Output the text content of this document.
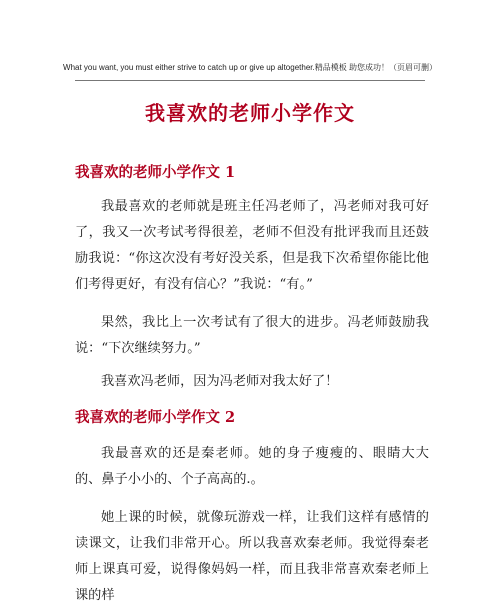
What you want, you must either strive to catch up or give up altogether.精品模板 助您成功！（页眉可删）
我喜欢的老师小学作文
我喜欢的老师小学作文 1
我最喜欢的老师就是班主任冯老师了，冯老师对我可好了，我又一次考试考得很差，老师不但没有批评我而且还鼓励我说：“你这次没有考好没关系，但是我下次希望你能比他们考得更好，有没有信心？”我说：“有。”
果然，我比上一次考试有了很大的进步。冯老师鼓励我说：“下次继续努力。”
我喜欢冯老师，因为冯老师对我太好了！
我喜欢的老师小学作文 2
我最喜欢的还是秦老师。她的身子瘦瘦的、眼睛大大的、鼻子小小的、个子高高的.。
她上课的时候，就像玩游戏一样，让我们这样有感情的读课文，让我们非常开心。所以我喜欢秦老师。我觉得秦老师上课真可爱，说得像妈妈一样，而且我非常喜欢秦老师上课的样
